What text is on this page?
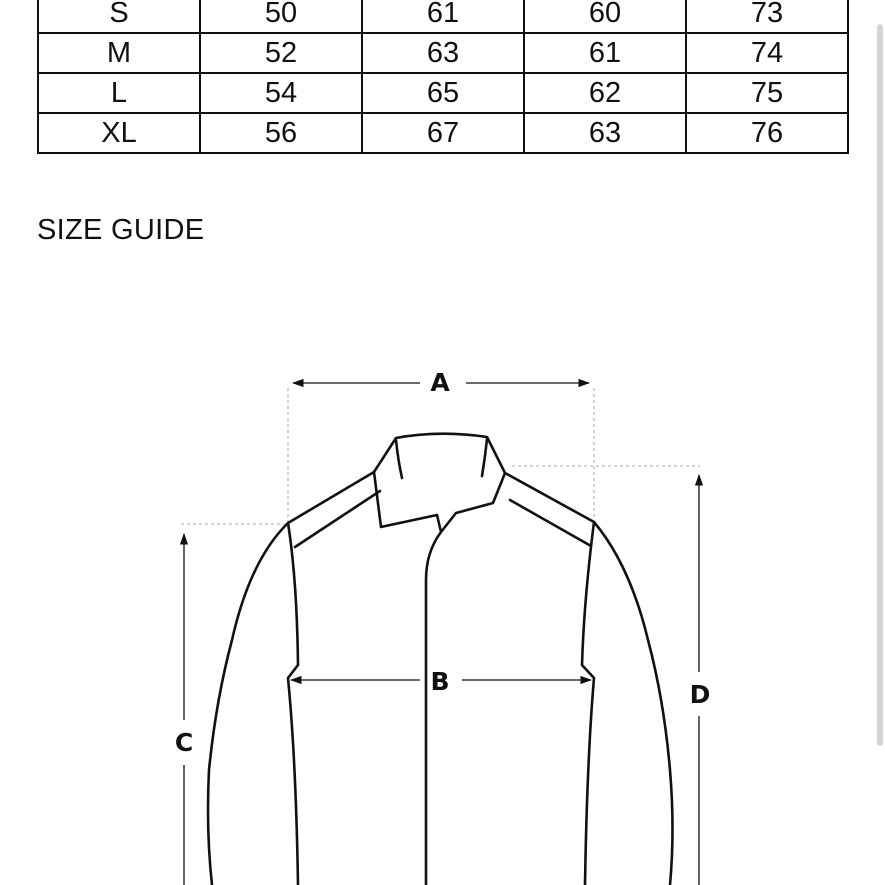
S	50	61	60	73
M	52	63	61	74
L	54	65	62	75
XL	56	67	63	76
SIZE GUIDE
A
B
C
D
